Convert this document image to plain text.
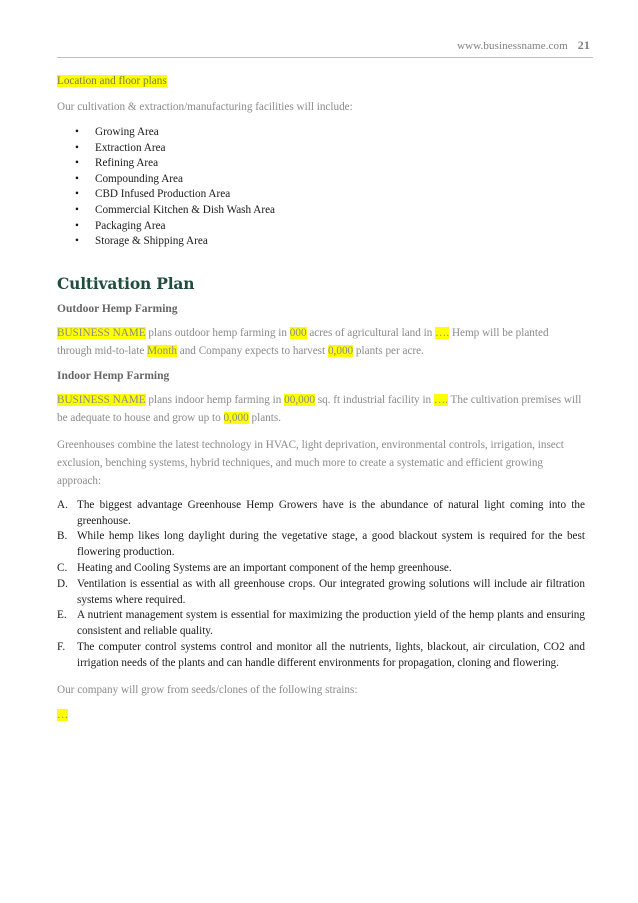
www.businessname.com 21

Location and floor plans

Our cultivation & extraction/manufacturing facilities will include:

• Growing Area
• Extraction Area
• Refining Area
• Compounding Area
• CBD Infused Production Area
• Commercial Kitchen & Dish Wash Area
• Packaging Area
• Storage & Shipping Area
Cultivation Plan
Outdoor Hemp Farming

BUSINESS NAME plans outdoor hemp farming in 000 acres of agricultural land in …. Hemp will be planted through mid-to-late Month and Company expects to harvest 0,000 plants per acre.

Indoor Hemp Farming

BUSINESS NAME plans indoor hemp farming in 00,000 sq. ft industrial facility in …. The cultivation premises will be adequate to house and grow up to 0,000 plants.

Greenhouses combine the latest technology in HVAC, light deprivation, environmental controls, irrigation, insect exclusion, benching systems, hybrid techniques, and much more to create a systematic and efficient growing approach:

A. The biggest advantage Greenhouse Hemp Growers have is the abundance of natural light coming into the greenhouse.
B. While hemp likes long daylight during the vegetative stage, a good blackout system is required for the best flowering production.
C. Heating and Cooling Systems are an important component of the hemp greenhouse.
D. Ventilation is essential as with all greenhouse crops. Our integrated growing solutions will include air filtration systems where required.
E. A nutrient management system is essential for maximizing the production yield of the hemp plants and ensuring consistent and reliable quality.
F. The computer control systems control and monitor all the nutrients, lights, blackout, air circulation, CO2 and irrigation needs of the plants and can handle different environments for propagation, cloning and flowering.

Our company will grow from seeds/clones of the following strains:

…
